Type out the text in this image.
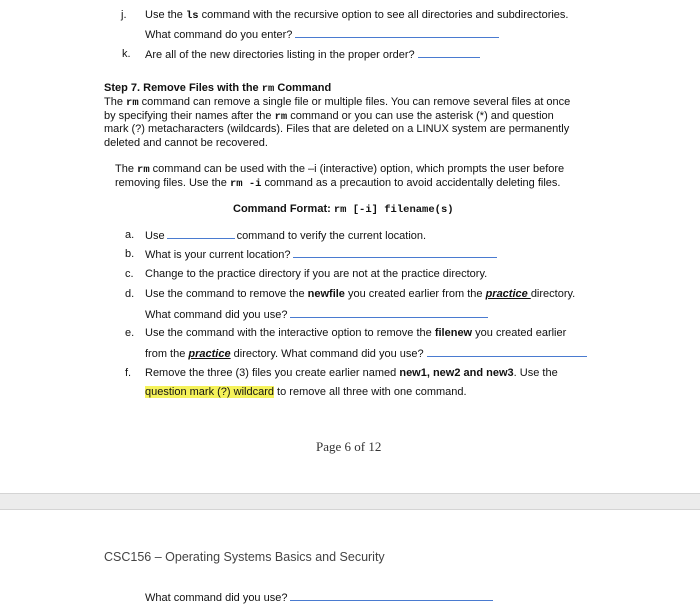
j. Use the ls command with the recursive option to see all directories and subdirectories.
What command do you enter?
k. Are all of the new directories listing in the proper order?
Step 7. Remove Files with the rm Command
The rm command can remove a single file or multiple files. You can remove several files at once
by specifying their names after the rm command or you can use the asterisk (*) and question
mark (?) metacharacters (wildcards). Files that are deleted on a LINUX system are permanently
deleted and cannot be recovered.
The rm command can be used with the –i (interactive) option, which prompts the user before
removing files. Use the rm -i command as a precaution to avoid accidentally deleting files.
Command Format: rm [-i] filename(s)
a. Use	command to verify the current location.
b. What is your current location?
c. Change to the practice directory if you are not at the practice directory.
d. Use the command to remove the newfile you created earlier from the practice directory.
What command did you use?
e. Use the command with the interactive option to remove the filenew you created earlier
from the practice directory. What command did you use?
f. Remove the three (3) files you create earlier named new1, new2 and new3. Use the
question mark (?) wildcard to remove all three with one command.
Page 6 of 12
CSC156 – Operating Systems Basics and Security
What command did you use?
